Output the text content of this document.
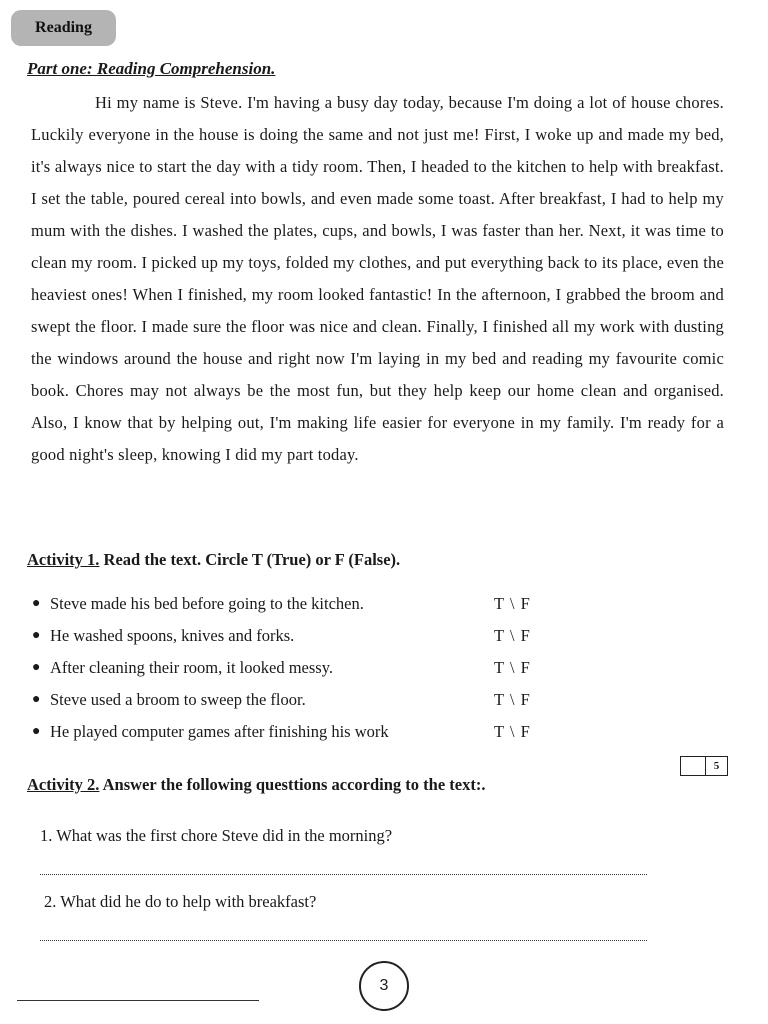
Reading
Part one: Reading Comprehension.

Hi my name is Steve. I'm having a busy day today, because I'm doing a lot of house chores. Luckily everyone in the house is doing the same and not just me! First, I woke up and made my bed, it's always nice to start the day with a tidy room. Then, I headed to the kitchen to help with breakfast. I set the table, poured cereal into bowls, and even made some toast. After breakfast, I had to help my mum with the dishes. I washed the plates, cups, and bowls, I was faster than her. Next, it was time to clean my room. I picked up my toys, folded my clothes, and put everything back to its place, even the heaviest ones! When I finished, my room looked fantastic! In the afternoon, I grabbed the broom and swept the floor. I made sure the floor was nice and clean. Finally, I finished all my work with dusting the windows around the house and right now I'm laying in my bed and reading my favourite comic book. Chores may not always be the most fun, but they help keep our home clean and organised. Also, I know that by helping out, I'm making life easier for everyone in my family. I'm ready for a good night's sleep, knowing I did my part today.

Activity 1. Read the text. Circle T (True) or F (False).
● Steve made his bed before going to the kitchen.	T \ F
● He washed spoons, knives and forks.	T \ F
● After cleaning their room, it looked messy.	T \ F
● Steve used a broom to sweep the floor.	T \ F
● He played computer games after finishing his work	T \ F
5
Activity 2. Answer the following questtions according to the text:.
1. What was the first chore Steve did in the morning?
2. What did he do to help with breakfast?
3
